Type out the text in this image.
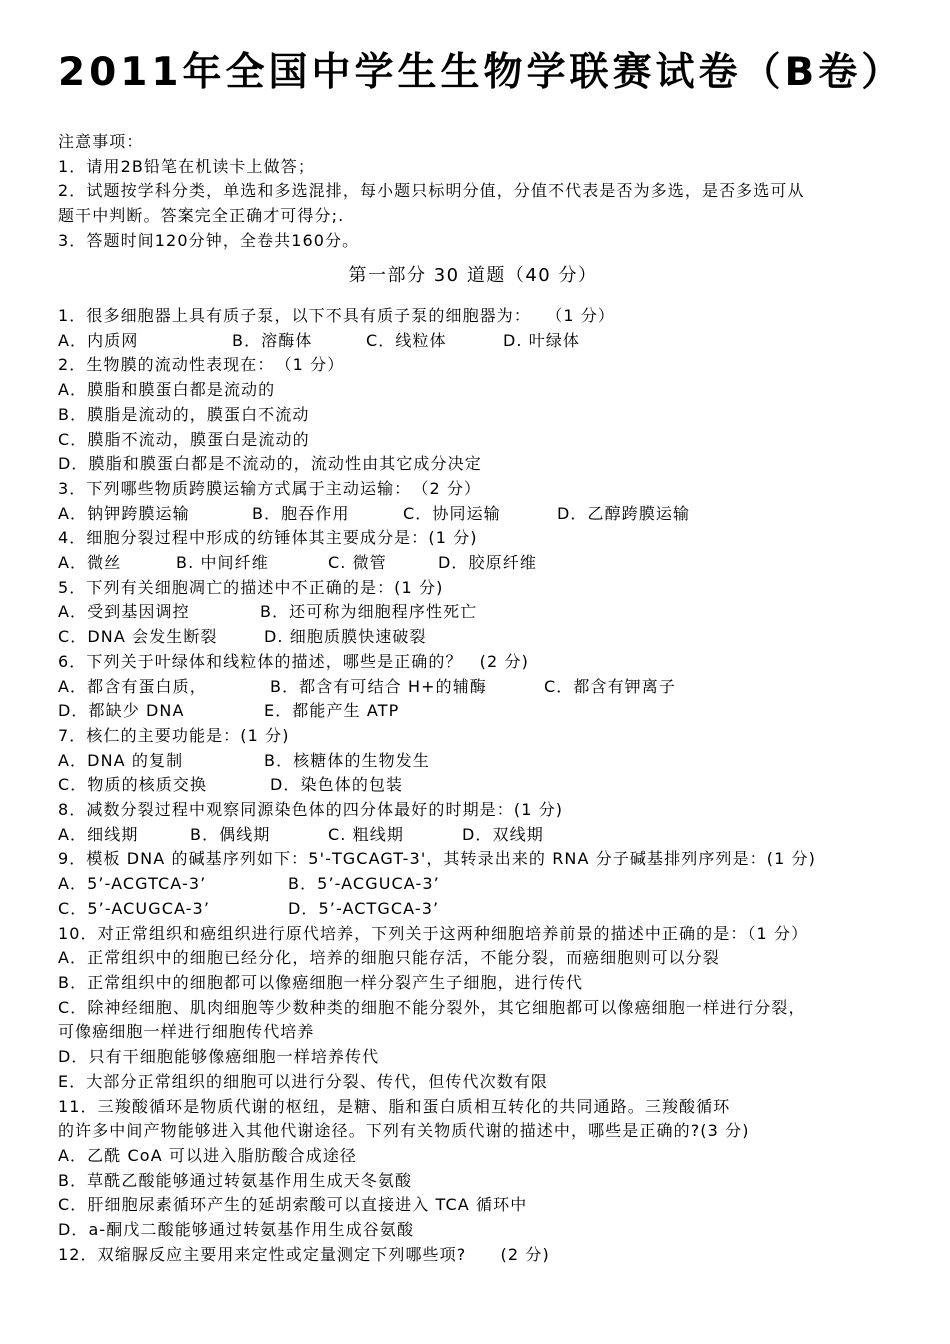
2011年全国中学生生物学联赛试卷（B卷）
注意事项：
1．请用2B铅笔在机读卡上做答；
2．试题按学科分类，单选和多选混排，每小题只标明分值，分值不代表是否为多选，是否多选可从
题干中判断。答案完全正确才可得分;.
3．答题时间120分钟，全卷共160分。
第一部分 30 道题（40 分）
1．很多细胞器上具有质子泵，以下不具有质子泵的细胞器为：　 （1 分）
A．内质网	B．溶酶体	C．线粒体	D. 叶绿体
2．生物膜的流动性表现在：　（1 分）
A．膜脂和膜蛋白都是流动的
B．膜脂是流动的，膜蛋白不流动
C．膜脂不流动，膜蛋白是流动的
D．膜脂和膜蛋白都是不流动的，流动性由其它成分决定
3．下列哪些物质跨膜运输方式属于主动运输：　（2 分）
A．钠钾跨膜运输	B．胞吞作用	C．协同运输	D．乙醇跨膜运输
4．细胞分裂过程中形成的纺锤体其主要成分是：(1 分)
A．微丝	B. 中间纤维	C. 微管	D．胶原纤维
5．下列有关细胞凋亡的描述中不正确的是：(1 分)
A．受到基因调控	B．还可称为细胞程序性死亡
C．DNA 会发生断裂	D. 细胞质膜快速破裂
6．下列关于叶绿体和线粒体的描述，哪些是正确的？　(2 分)
A．都含有蛋白质，	B．都含有可结合 H+的辅酶	C．都含有钾离子
D．都缺少 DNA	E．都能产生 ATP
7．核仁的主要功能是：(1 分)
A．DNA 的复制	B．核糖体的生物发生
C．物质的核质交换	D．染色体的包装
8．减数分裂过程中观察同源染色体的四分体最好的时期是：(1 分)
A．细线期	B．偶线期	C. 粗线期	D．双线期
9．模板 DNA 的碱基序列如下：5'-TGCAGT-3'，其转录出来的 RNA 分子碱基排列序列是：(1 分)
A．5’-ACGTCA-3’	B．5’-ACGUCA-3’
C．5’-ACUGCA-3’	D．5’-ACTGCA-3’
10．对正常组织和癌组织进行原代培养，下列关于这两种细胞培养前景的描述中正确的是：（1 分）
A．正常组织中的细胞已经分化，培养的细胞只能存活，不能分裂，而癌细胞则可以分裂
B．正常组织中的细胞都可以像癌细胞一样分裂产生子细胞，进行传代
C．除神经细胞、肌肉细胞等少数种类的细胞不能分裂外，其它细胞都可以像癌细胞一样进行分裂，
可像癌细胞一样进行细胞传代培养
D．只有干细胞能够像癌细胞一样培养传代
E．大部分正常组织的细胞可以进行分裂、传代，但传代次数有限
11．三羧酸循环是物质代谢的枢纽，是糖、脂和蛋白质相互转化的共同通路。三羧酸循环
的许多中间产物能够进入其他代谢途径。下列有关物质代谢的描述中，哪些是正确的?(3 分)
A．乙酰 CoA 可以进入脂肪酸合成途径
B．草酰乙酸能够通过转氨基作用生成天冬氨酸
C．肝细胞尿素循环产生的延胡索酸可以直接进入 TCA 循环中
D．a-酮戊二酸能够通过转氨基作用生成谷氨酸
12．双缩脲反应主要用来定性或定量测定下列哪些项?　　(2 分)
